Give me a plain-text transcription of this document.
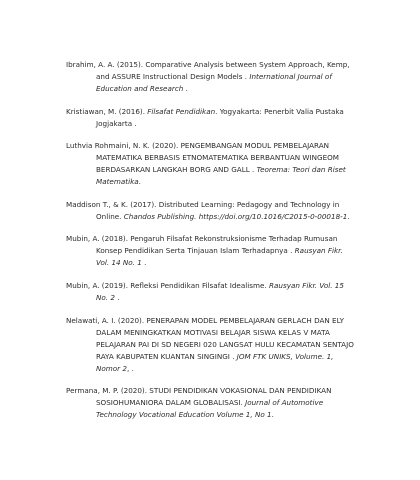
Ibrahim, A. A. (2015). Comparative Analysis between System Approach, Kemp, and ASSURE Instructional Design Models . International Journal of Education and Research .

Kristiawan, M. (2016). Filsafat Pendidikan. Yogyakarta: Penerbit Valia Pustaka Jogjakarta .

Luthvia Rohmaini, N. K. (2020). PENGEMBANGAN MODUL PEMBELAJARAN MATEMATIKA BERBASIS ETNOMATEMATIKA BERBANTUAN WINGEOM BERDASARKAN LANGKAH BORG AND GALL . Teorema: Teori dan Riset Matematika.

Maddison T., & K. (2017). Distributed Learning: Pedagogy and Technology in Online. Chandos Publishing. https://doi.org/10.1016/C2015-0-00018-1.

Mubin, A. (2018). Pengaruh Filsafat Rekonstruksionisme Terhadap Rumusan Konsep Pendidikan Serta Tinjauan Islam Terhadapnya . Rausyan Fikr. Vol. 14 No. 1 .

Mubin, A. (2019). Refleksi Pendidikan Filsafat Idealisme. Rausyan Fikr. Vol. 15 No. 2 .

Nelawati, A. I. (2020). PENERAPAN MODEL PEMBELAJARAN GERLACH DAN ELY DALAM MENINGKATKAN MOTIVASI BELAJAR SISWA KELAS V MATA PELAJARAN PAI DI SD NEGERI 020 LANGSAT HULU KECAMATAN SENTAJO RAYA KABUPATEN KUANTAN SINGINGI . JOM FTK UNIKS, Volume. 1, Nomor 2, .

Permana, M. P. (2020). STUDI PENDIDIKAN VOKASIONAL DAN PENDIDIKAN SOSIOHUMANIORA DALAM GLOBALISASI. Journal of Automotive Technology Vocational Education Volume 1, No 1.
